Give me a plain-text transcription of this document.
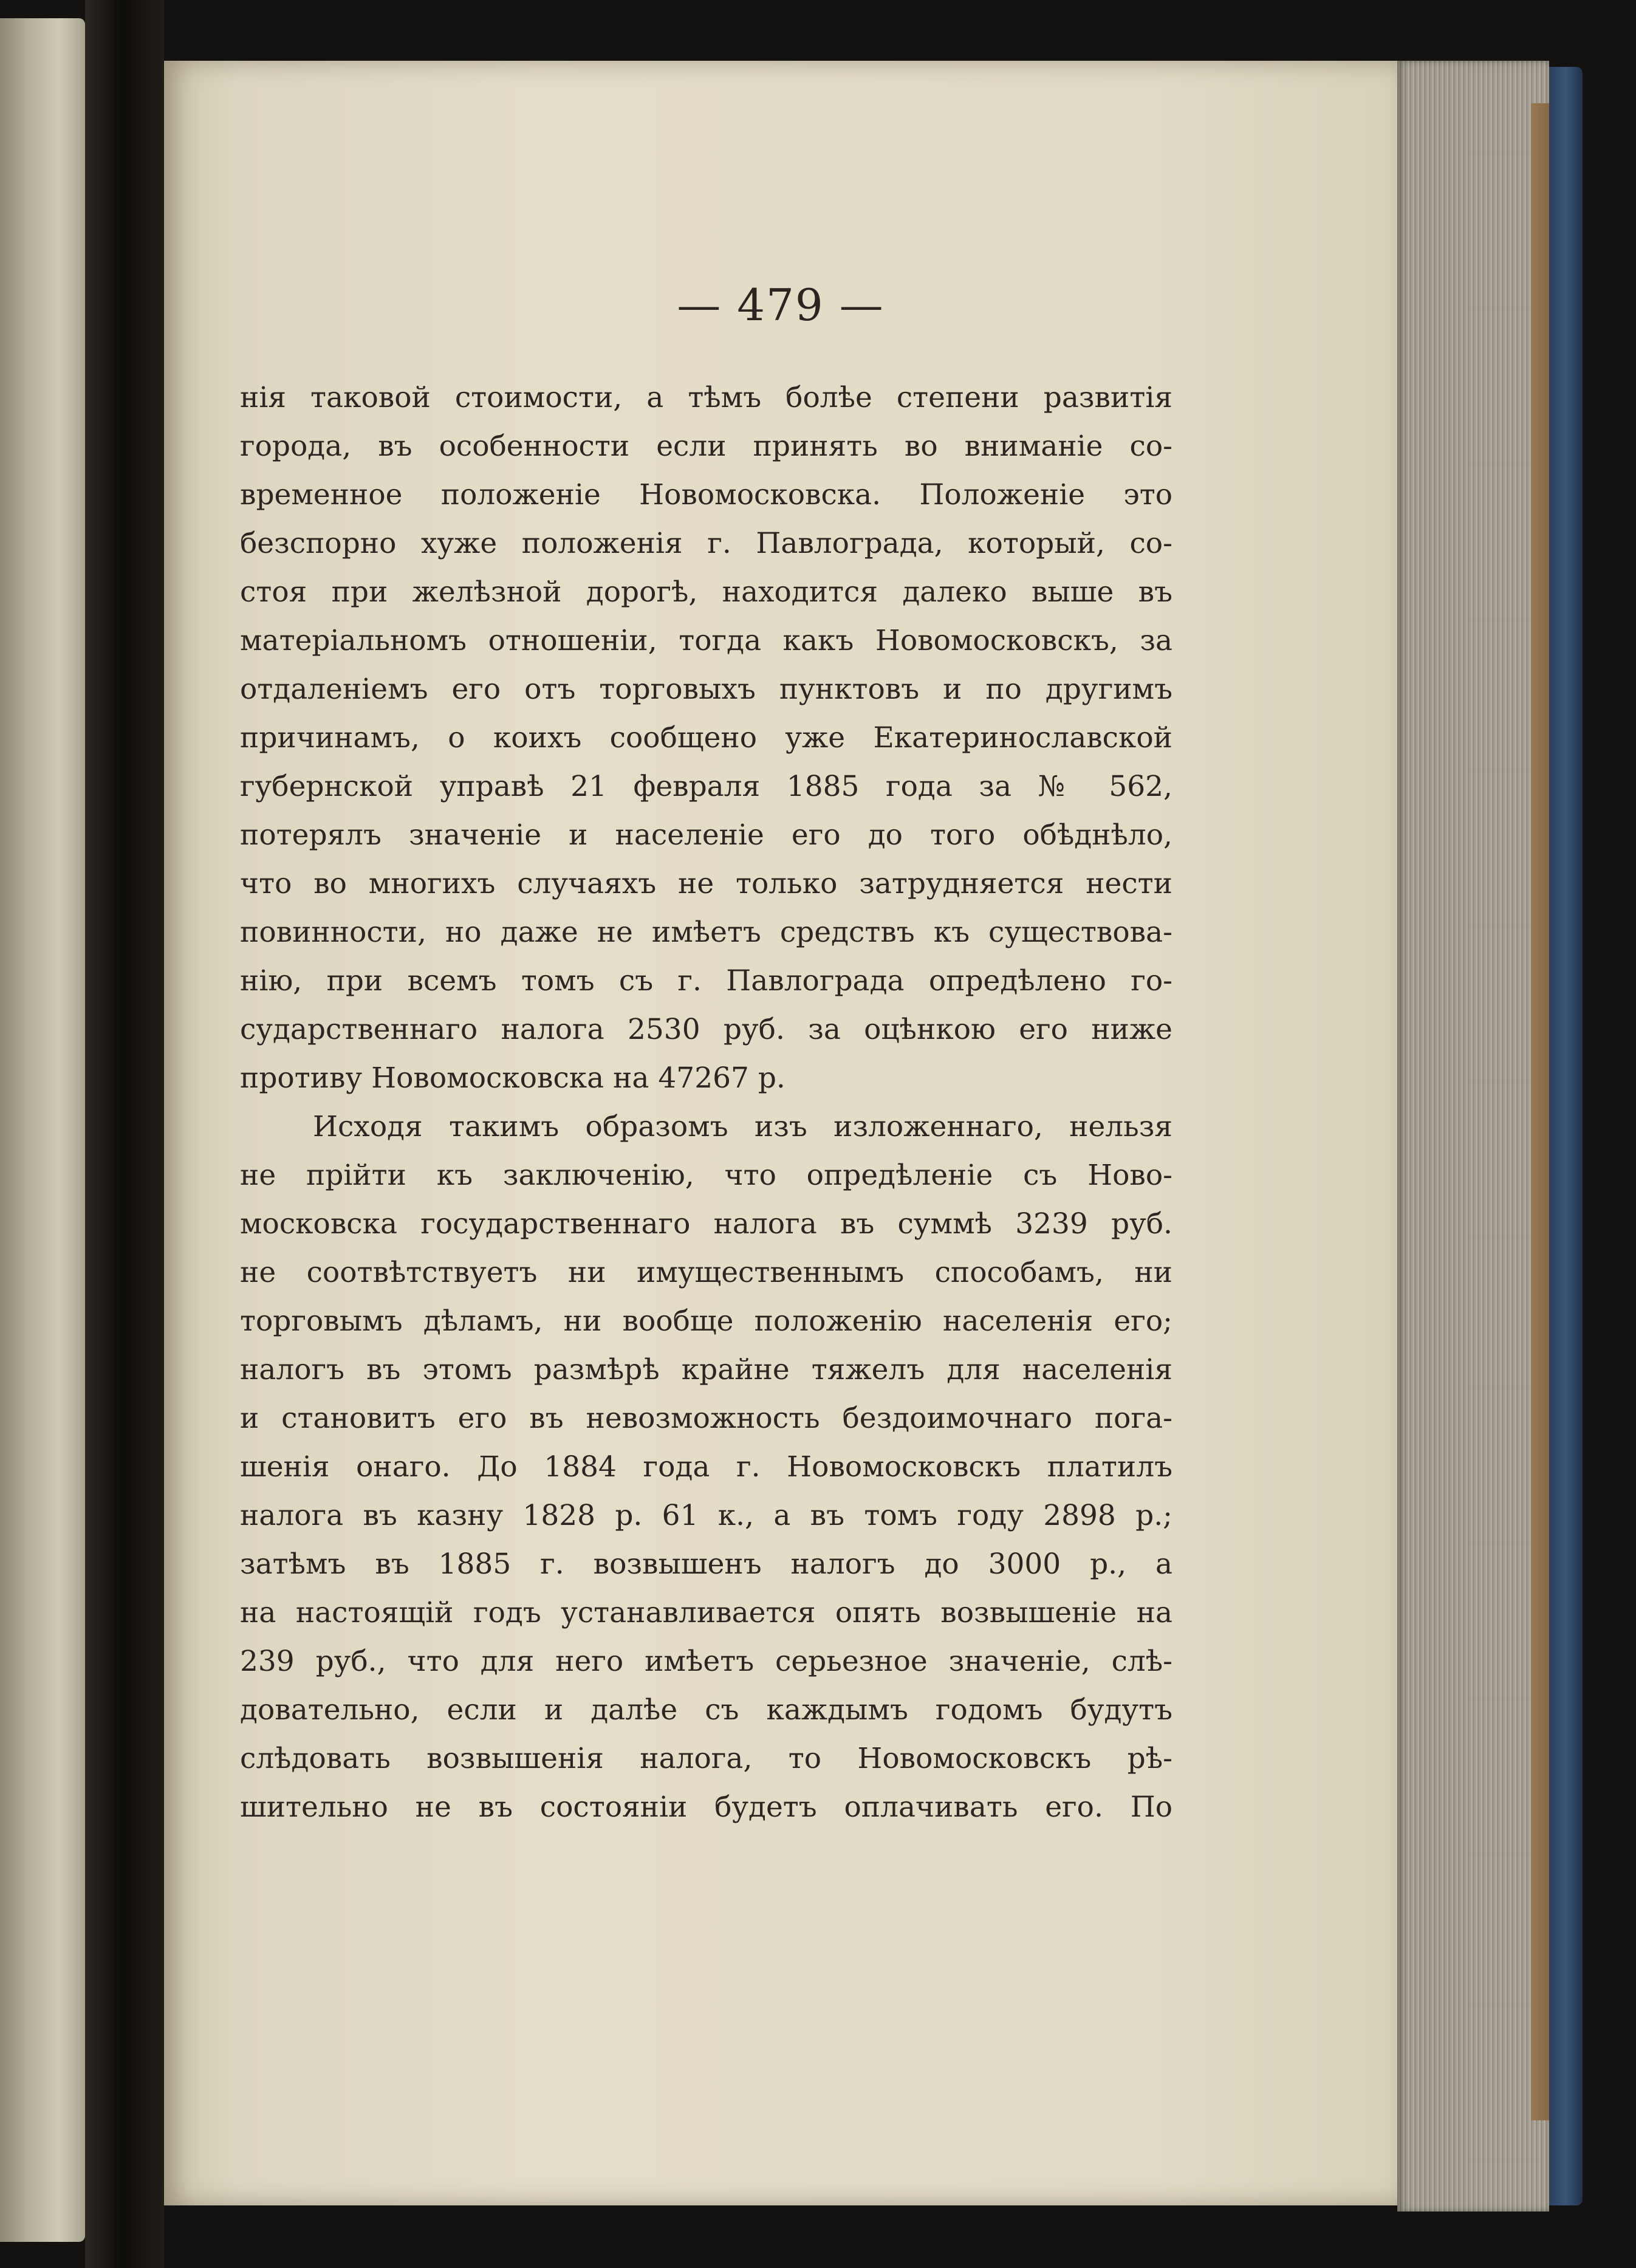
— 479 —
нія таковой стоимости, а тѣмъ болѣе степени развитія
города, въ особенности если принять во вниманіе со-
временное положеніе Новомосковска. Положеніе это
безспорно хуже положенія г. Павлограда, который, со-
стоя при желѣзной дорогѣ, находится далеко выше въ
матеріальномъ отношеніи, тогда какъ Новомосковскъ, за
отдаленіемъ его отъ торговыхъ пунктовъ и по другимъ
причинамъ, о коихъ сообщено уже Екатеринославской
губернской управѣ 21 февраля 1885 года за № 562,
потерялъ значеніе и населеніе его до того обѣднѣло,
что во многихъ случаяхъ не только затрудняется нести
повинности, но даже не имѣетъ средствъ къ существова-
нію, при всемъ томъ съ г. Павлограда опредѣлено го-
сударственнаго налога 2530 руб. за оцѣнкою его ниже
противу Новомосковска на 47267 р.
Исходя такимъ образомъ изъ изложеннаго, нельзя
не прійти къ заключенію, что опредѣленіе съ Ново-
московска государственнаго налога въ суммѣ 3239 руб.
не соотвѣтствуетъ ни имущественнымъ способамъ, ни
торговымъ дѣламъ, ни вообще положенію населенія его;
налогъ въ этомъ размѣрѣ крайне тяжелъ для населенія
и становитъ его въ невозможность бездоимочнаго пога-
шенія онаго. До 1884 года г. Новомосковскъ платилъ
налога въ казну 1828 р. 61 к., а въ томъ году 2898 р.;
затѣмъ въ 1885 г. возвышенъ налогъ до 3000 р., а
на настоящій годъ устанавливается опять возвышеніе на
239 руб., что для него имѣетъ серьезное значеніе, слѣ-
довательно, если и далѣе съ каждымъ годомъ будутъ
слѣдовать возвышенія налога, то Новомосковскъ рѣ-
шительно не въ состояніи будетъ оплачивать его. По
